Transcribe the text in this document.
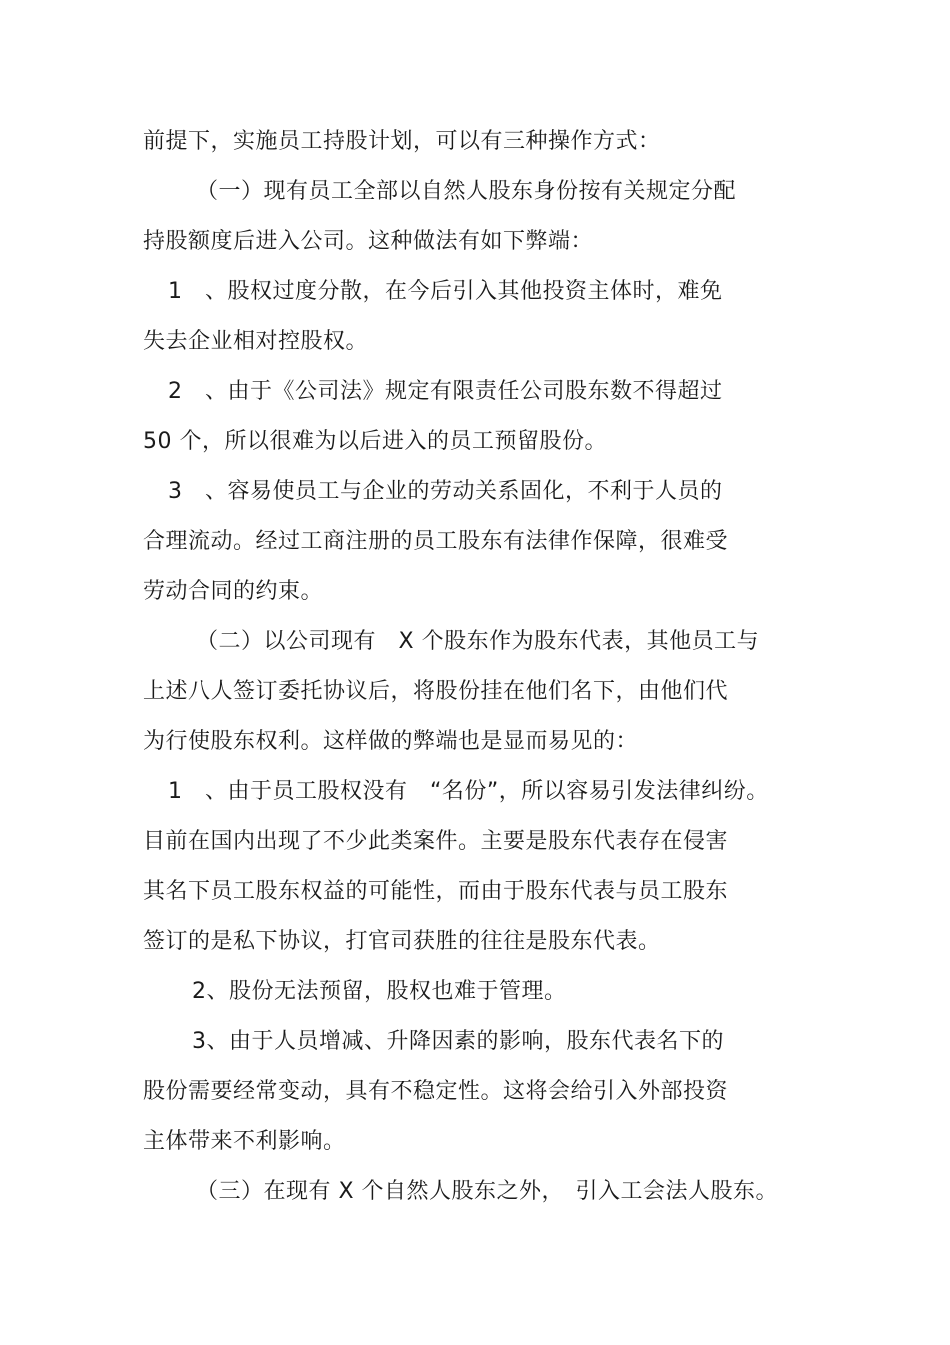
前提下，实施员工持股计划，可以有三种操作方式：
（一）现有员工全部以自然人股东身份按有关规定分配
持股额度后进入公司。这种做法有如下弊端：
1　、股权过度分散，在今后引入其他投资主体时，难免
失去企业相对控股权。
2　、由于《公司法》规定有限责任公司股东数不得超过
50 个，所以很难为以后进入的员工预留股份。
3　、容易使员工与企业的劳动关系固化，不利于人员的
合理流动。经过工商注册的员工股东有法律作保障，很难受
劳动合同的约束。
（二）以公司现有　X 个股东作为股东代表，其他员工与
上述八人签订委托协议后，将股份挂在他们名下，由他们代
为行使股东权利。这样做的弊端也是显而易见的：
1　、由于员工股权没有　“名份”，所以容易引发法律纠纷。
目前在国内出现了不少此类案件。主要是股东代表存在侵害
其名下员工股东权益的可能性，而由于股东代表与员工股东
签订的是私下协议，打官司获胜的往往是股东代表。
2、股份无法预留，股权也难于管理。
3、由于人员增减、升降因素的影响，股东代表名下的
股份需要经常变动，具有不稳定性。这将会给引入外部投资
主体带来不利影响。
（三）在现有 X 个自然人股东之外，　引入工会法人股东。
